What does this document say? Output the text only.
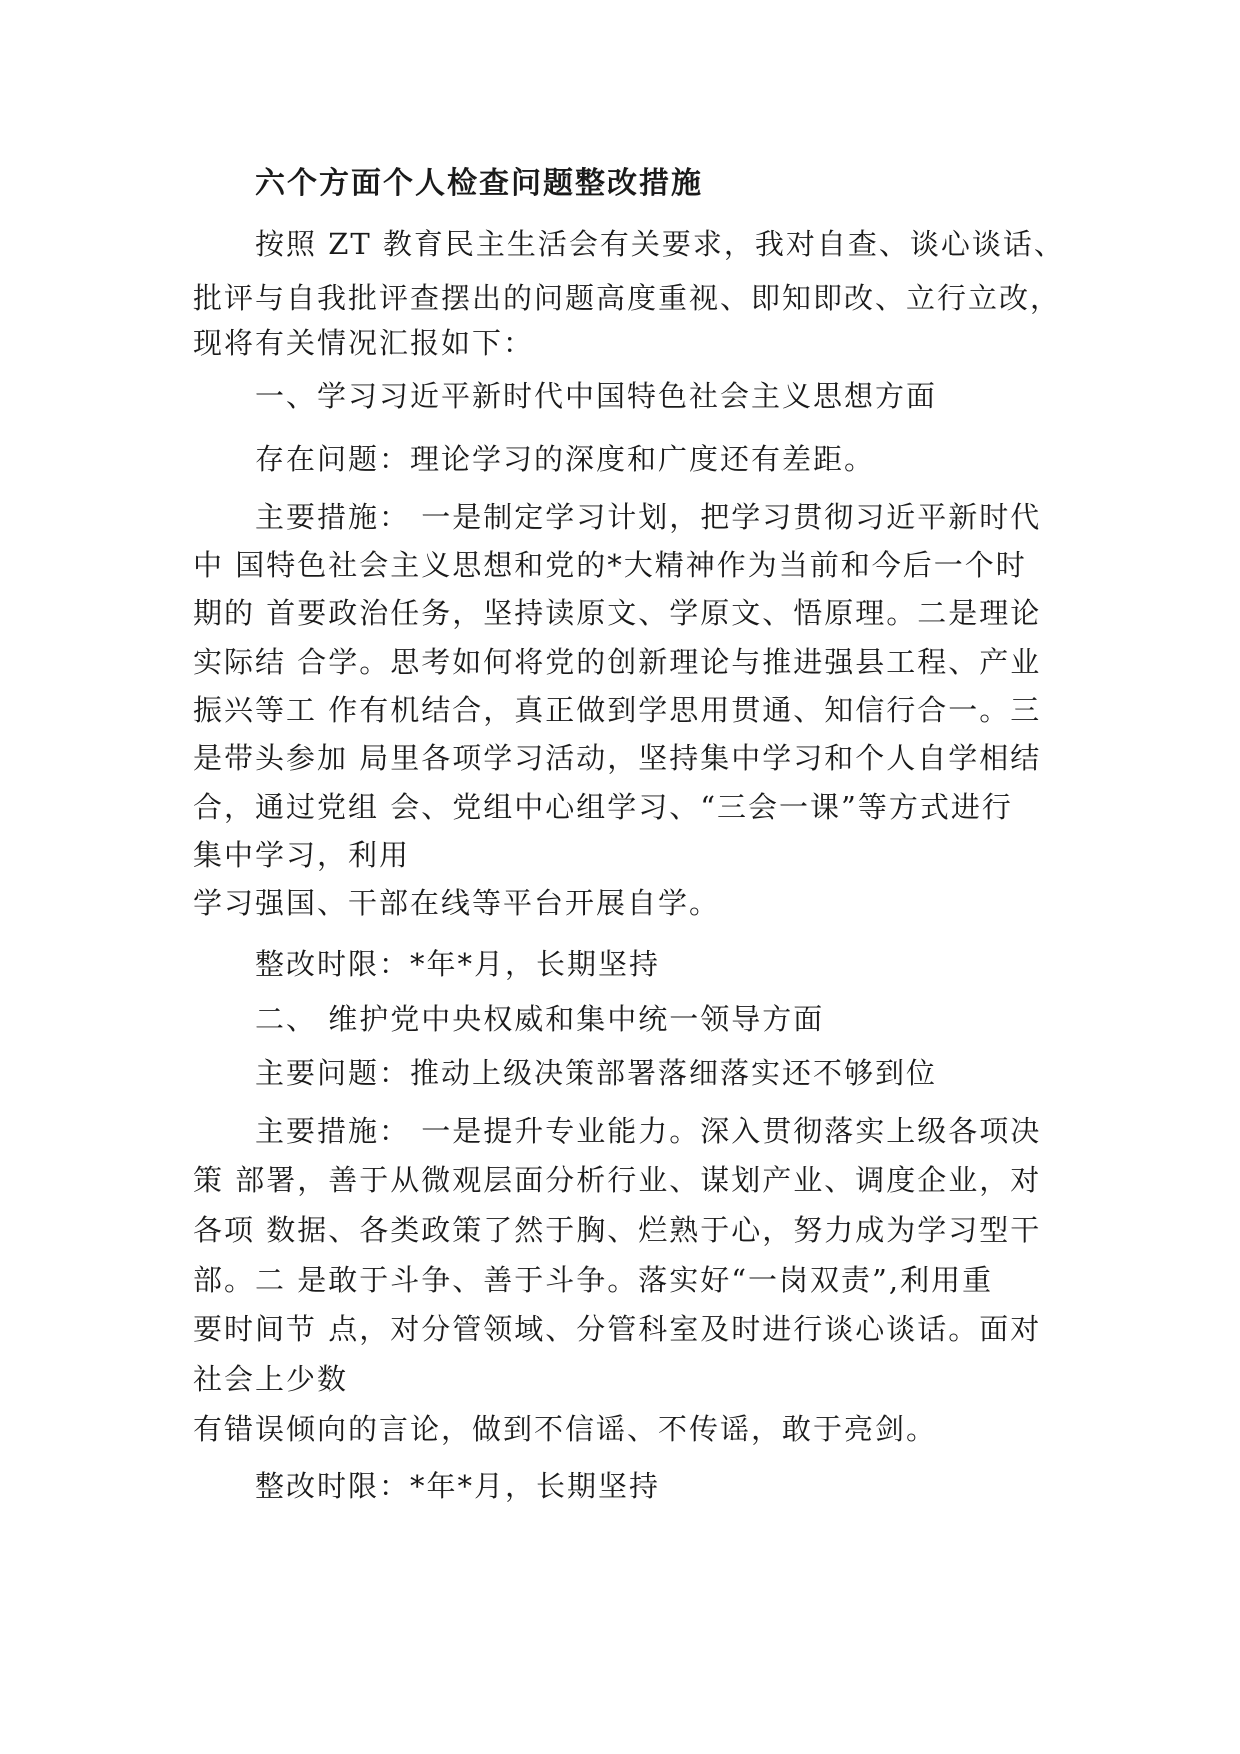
六个方面个人检查问题整改措施
按照 ZT 教育民主生活会有关要求，我对自查、谈心谈话、
批评与自我批评查摆出的问题高度重视、即知即改、立行立改，
现将有关情况汇报如下：
一、学习习近平新时代中国特色社会主义思想方面
存在问题：理论学习的深度和广度还有差距。
主要措施： 一是制定学习计划，把学习贯彻习近平新时代
中 国特色社会主义思想和党的*大精神作为当前和今后一个时
期的 首要政治任务，坚持读原文、学原文、悟原理。二是理论
实际结 合学。思考如何将党的创新理论与推进强县工程、产业
振兴等工 作有机结合，真正做到学思用贯通、知信行合一。三
是带头参加 局里各项学习活动，坚持集中学习和个人自学相结
合，通过党组 会、党组中心组学习、“三会一课”等方式进行
集中学习，利用
学习强国、干部在线等平台开展自学。
整改时限：*年*月，长期坚持
二、 维护党中央权威和集中统一领导方面
主要问题：推动上级决策部署落细落实还不够到位
主要措施： 一是提升专业能力。深入贯彻落实上级各项决
策 部署，善于从微观层面分析行业、谋划产业、调度企业，对
各项 数据、各类政策了然于胸、烂熟于心，努力成为学习型干
部。二 是敢于斗争、善于斗争。落实好“一岗双责”,利用重
要时间节 点，对分管领域、分管科室及时进行谈心谈话。面对
社会上少数
有错误倾向的言论，做到不信谣、不传谣，敢于亮剑。
整改时限：*年*月，长期坚持
